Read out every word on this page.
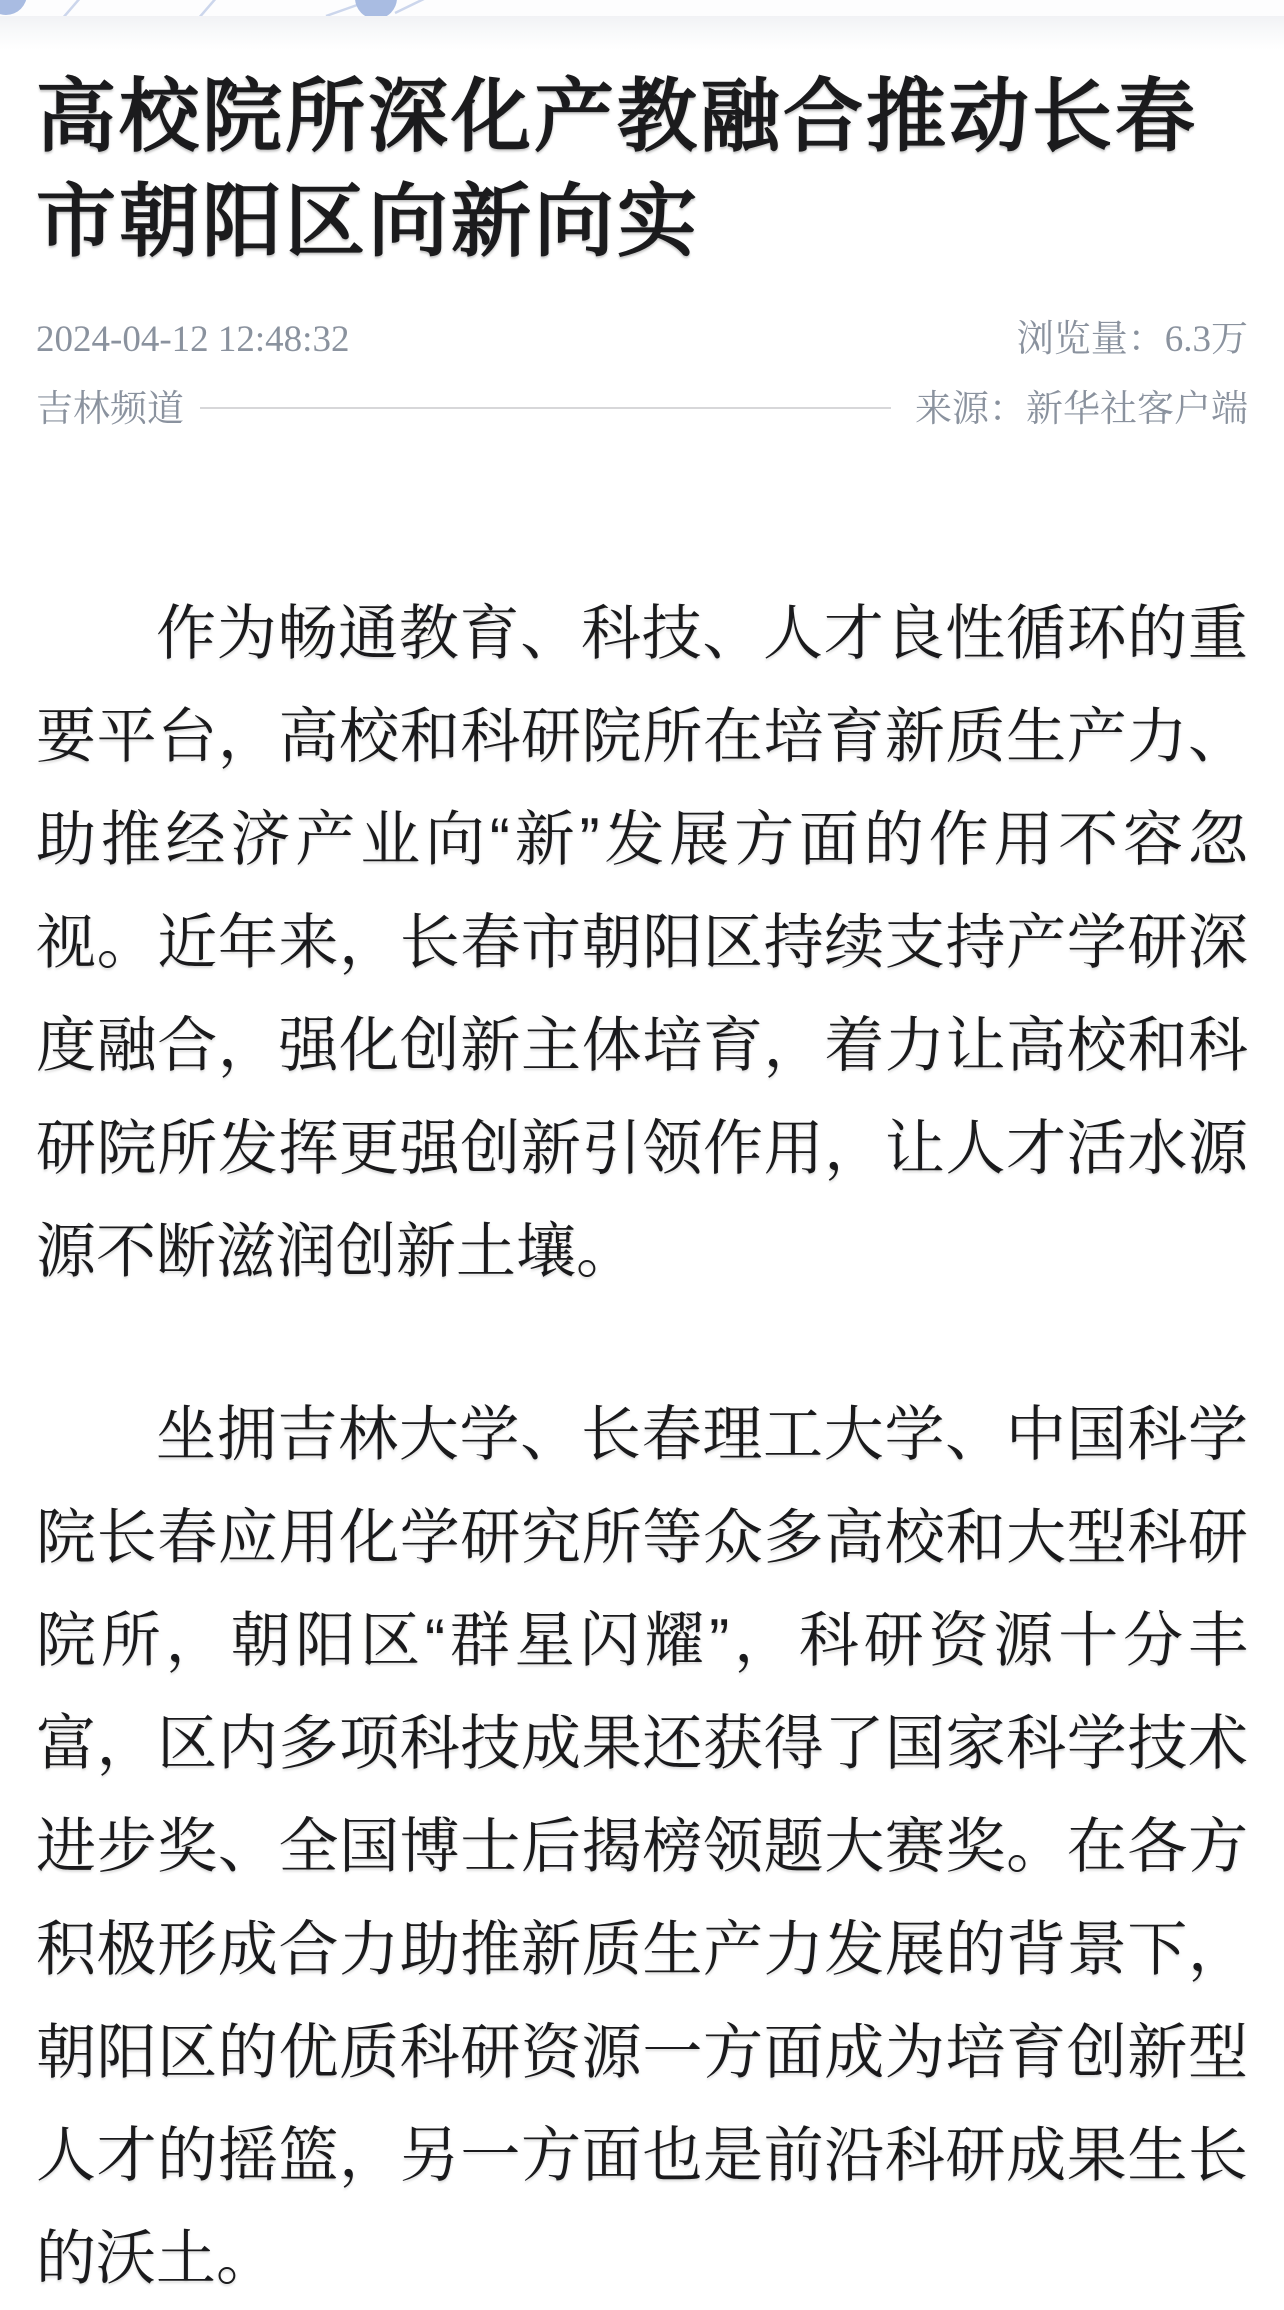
高校院所深化产教融合推动长春市朝阳区向新向实
2024-04-12 12:48:32	浏览量：6.3万
吉林频道	来源：新华社客户端

作为畅通教育、科技、人才良性循环的重要平台，高校和科研院所在培育新质生产力、助推经济产业向“新”发展方面的作用不容忽视。近年来，长春市朝阳区持续支持产学研深度融合，强化创新主体培育，着力让高校和科研院所发挥更强创新引领作用，让人才活水源源不断滋润创新土壤。

坐拥吉林大学、长春理工大学、中国科学院长春应用化学研究所等众多高校和大型科研院所，朝阳区“群星闪耀”，科研资源十分丰富，区内多项科技成果还获得了国家科学技术进步奖、全国博士后揭榜领题大赛奖。在各方积极形成合力助推新质生产力发展的背景下，朝阳区的优质科研资源一方面成为培育创新型人才的摇篮，另一方面也是前沿科研成果生长的沃土。
